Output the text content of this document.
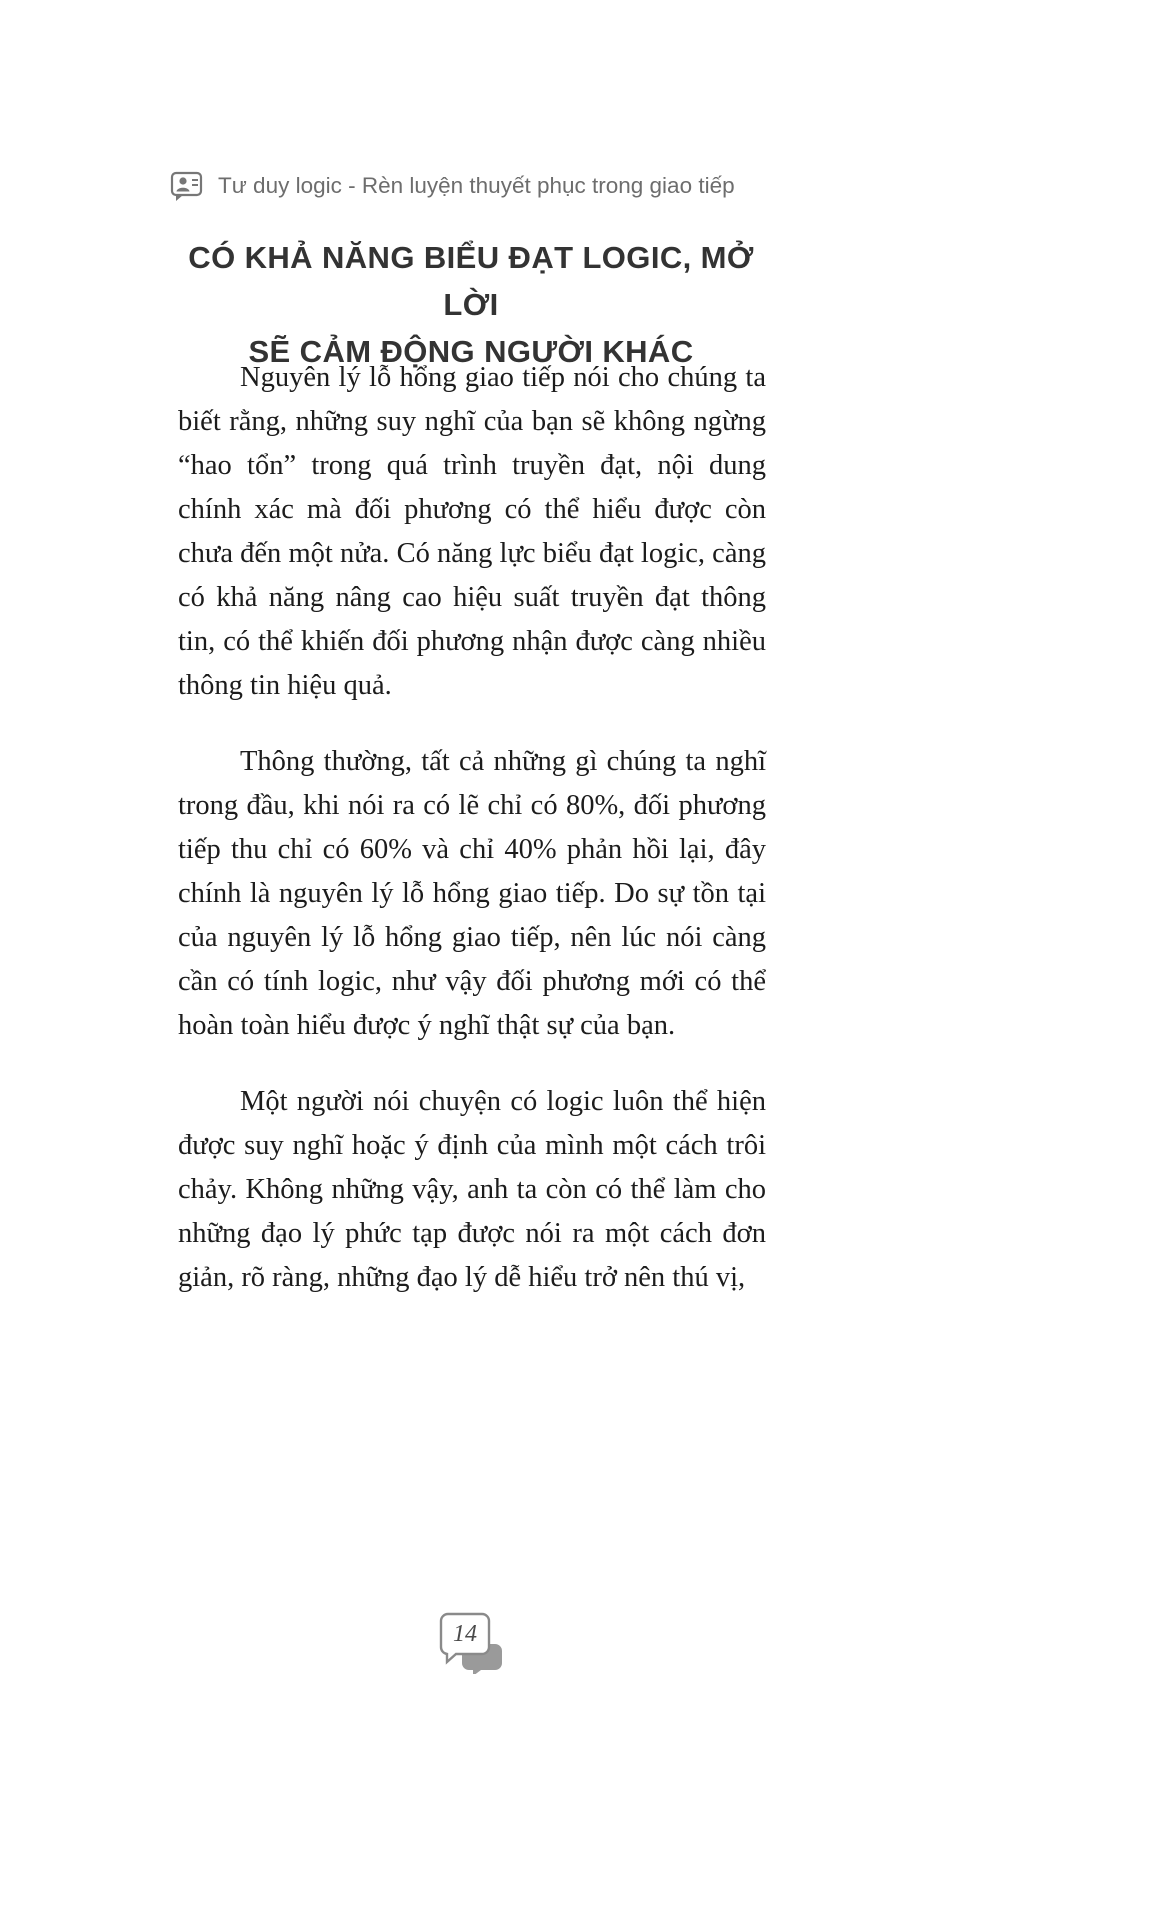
Tư duy logic - Rèn luyện thuyết phục trong giao tiếp
CÓ KHẢ NĂNG BIỂU ĐẠT LOGIC, MỞ LỜI
SẼ CẢM ĐỘNG NGƯỜI KHÁC

Nguyên lý lỗ hổng giao tiếp nói cho chúng ta biết rằng, những suy nghĩ của bạn sẽ không ngừng “hao tổn” trong quá trình truyền đạt, nội dung chính xác mà đối phương có thể hiểu được còn chưa đến một nửa. Có năng lực biểu đạt logic, càng có khả năng nâng cao hiệu suất truyền đạt thông tin, có thể khiến đối phương nhận được càng nhiều thông tin hiệu quả.

Thông thường, tất cả những gì chúng ta nghĩ trong đầu, khi nói ra có lẽ chỉ có 80%, đối phương tiếp thu chỉ có 60% và chỉ 40% phản hồi lại, đây chính là nguyên lý lỗ hổng giao tiếp. Do sự tồn tại của nguyên lý lỗ hổng giao tiếp, nên lúc nói càng cần có tính logic, như vậy đối phương mới có thể hoàn toàn hiểu được ý nghĩ thật sự của bạn.

Một người nói chuyện có logic luôn thể hiện được suy nghĩ hoặc ý định của mình một cách trôi chảy. Không những vậy, anh ta còn có thể làm cho những đạo lý phức tạp được nói ra một cách đơn giản, rõ ràng, những đạo lý dễ hiểu trở nên thú vị,

14
